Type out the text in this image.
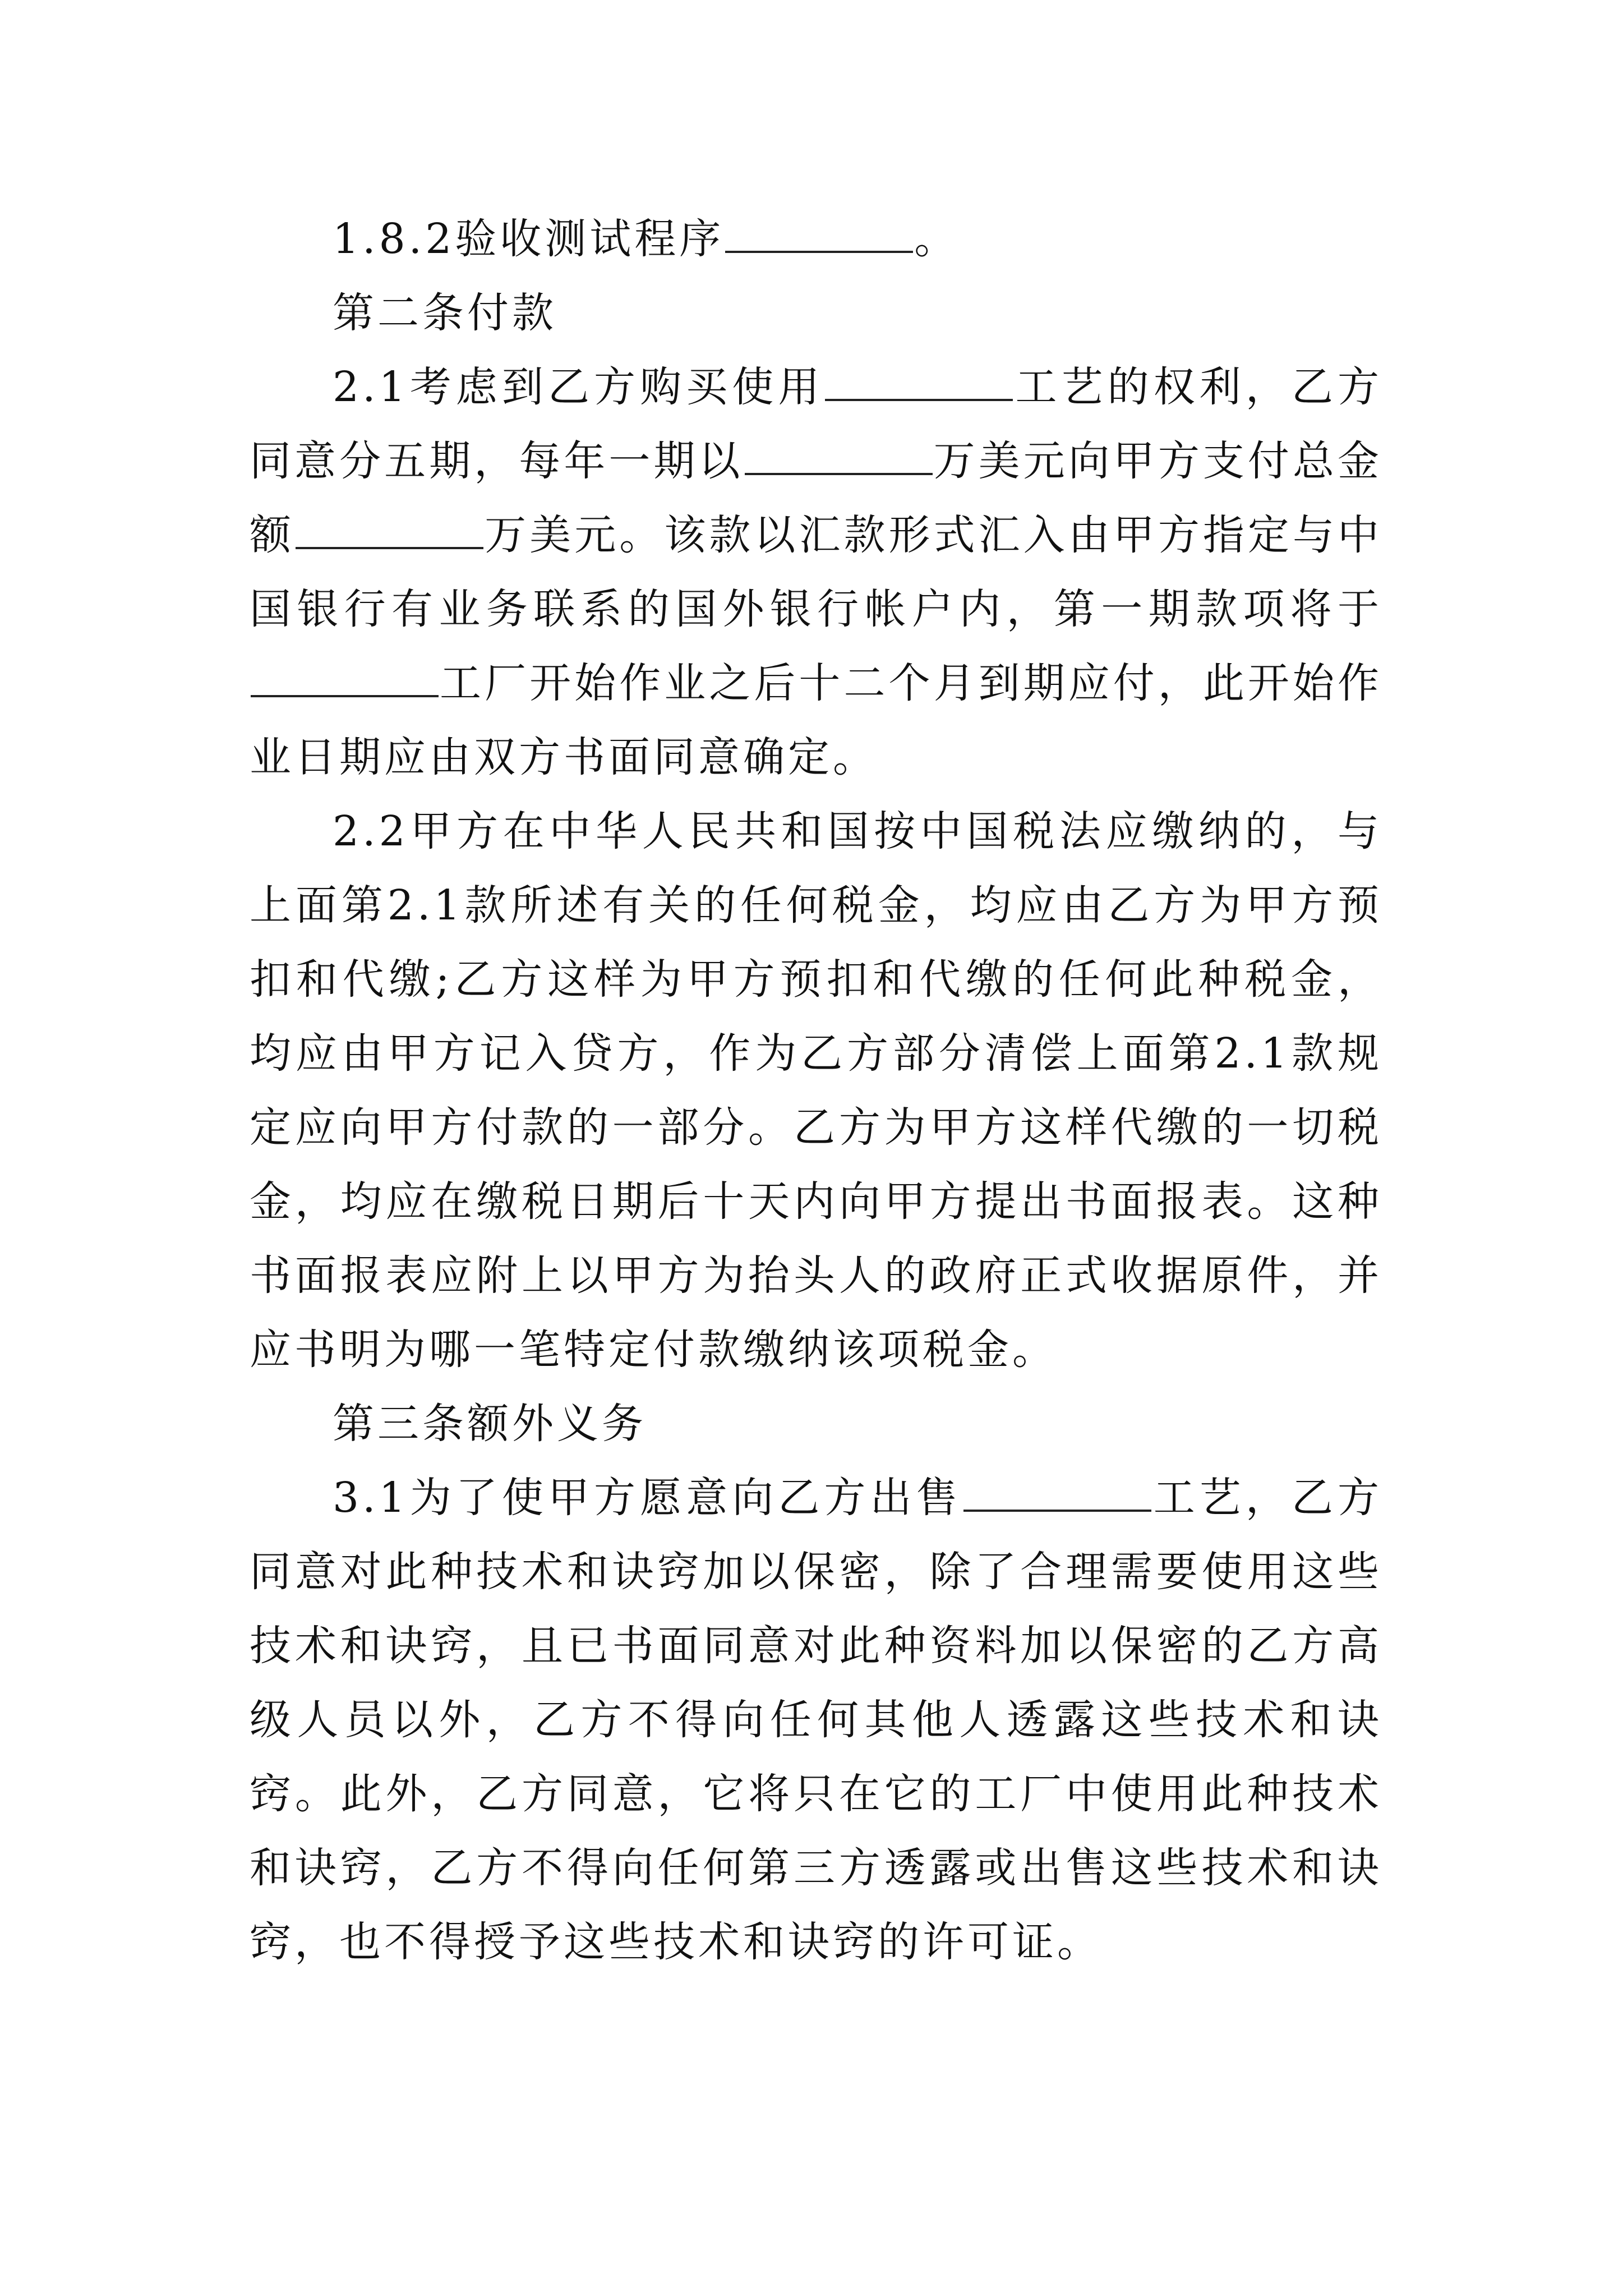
1.8.2验收测试程序	。

第二条付款

2.1考虑到乙方购买使用	工艺的权利，乙方同意分五期，每年一期以	万美元向甲方支付总金额	万美元。该款以汇款形式汇入由甲方指定与中国银行有业务联系的国外银行帐户内，第一期款项将于工厂开始作业之后十二个月到期应付，此开始作业日期应由双方书面同意确定。

2.2甲方在中华人民共和国按中国税法应缴纳的，与上面第2.1款所述有关的任何税金，均应由乙方为甲方预扣和代缴;乙方这样为甲方预扣和代缴的任何此种税金，均应由甲方记入贷方，作为乙方部分清偿上面第2.1款规定应向甲方付款的一部分。乙方为甲方这样代缴的一切税金，均应在缴税日期后十天内向甲方提出书面报表。这种书面报表应附上以甲方为抬头人的政府正式收据原件，并应书明为哪一笔特定付款缴纳该项税金。

第三条额外义务

3.1为了使甲方愿意向乙方出售	工艺，乙方同意对此种技术和诀窍加以保密，除了合理需要使用这些技术和诀窍，且已书面同意对此种资料加以保密的乙方高级人员以外，乙方不得向任何其他人透露这些技术和诀窍。此外，乙方同意，它将只在它的工厂中使用此种技术和诀窍，乙方不得向任何第三方透露或出售这些技术和诀窍，也不得授予这些技术和诀窍的许可证。
